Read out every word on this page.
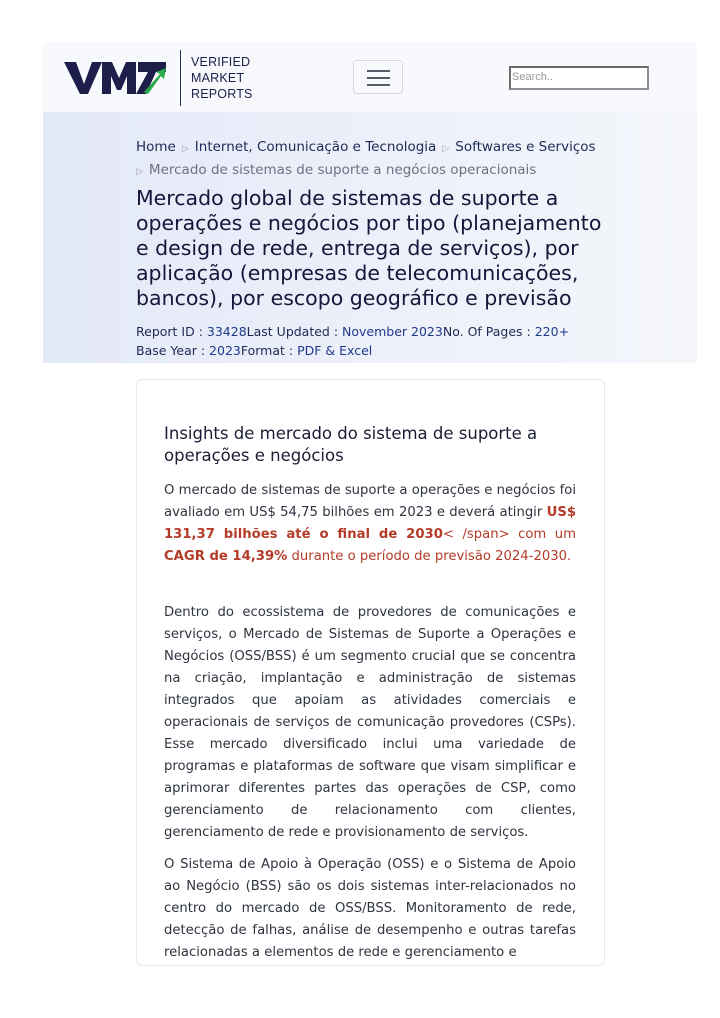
VERIFIED
MARKET
REPORTS
Search..
Home ▷ Internet, Comunicação e Tecnologia ▷ Softwares e Serviços
▷ Mercado de sistemas de suporte a negócios operacionais
Mercado global de sistemas de suporte a operações e negócios por tipo (planejamento e design de rede, entrega de serviços), por aplicação (empresas de telecomunicações, bancos), por escopo geográfico e previsão
Report ID : 33428Last Updated : November 2023No. Of Pages : 220+
Base Year : 2023Format : PDF & Excel
Insights de mercado do sistema de suporte a operações e negócios

O mercado de sistemas de suporte a operações e negócios foi avaliado em US$ 54,75 bilhões em 2023 e deverá atingir US$ 131,37 bilhões até o final de 2030< /span> com um CAGR de 14,39% durante o período de previsão 2024-2030.

Dentro do ecossistema de provedores de comunicações e serviços, o Mercado de Sistemas de Suporte a Operações e Negócios (OSS/BSS) é um segmento crucial que se concentra na criação, implantação e administração de sistemas integrados que apoiam as atividades comerciais e operacionais de serviços de comunicação provedores (CSPs). Esse mercado diversificado inclui uma variedade de programas e plataformas de software que visam simplificar e aprimorar diferentes partes das operações de CSP, como gerenciamento de relacionamento com clientes, gerenciamento de rede e provisionamento de serviços.

O Sistema de Apoio à Operação (OSS) e o Sistema de Apoio ao Negócio (BSS) são os dois sistemas inter-relacionados no centro do mercado de OSS/BSS. Monitoramento de rede, detecção de falhas, análise de desempenho e outras tarefas relacionadas a elementos de rede e gerenciamento e
